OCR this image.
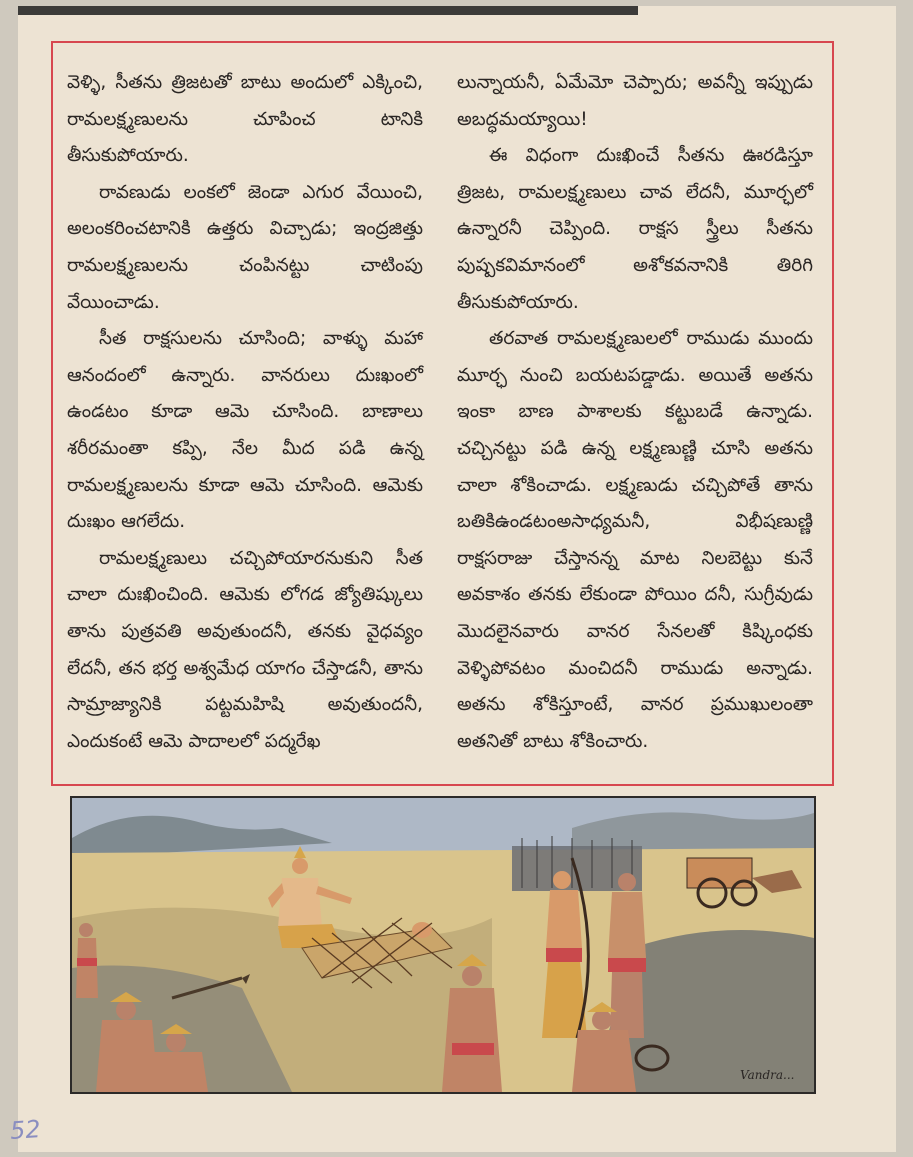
వెళ్ళి, సీతను త్రిజటతో బాటు అందులో ఎక్కించి, రామలక్ష్మణులను చూపించ టానికి తీసుకుపోయారు.

రావణుడు లంకలో జెండా ఎగుర వేయించి, అలంకరించటానికి ఉత్తరు విచ్చాడు; ఇంద్రజిత్తు రామలక్ష్మణులను చంపినట్టు చాటింపు వేయించాడు.

సీత రాక్షసులను చూసింది; వాళ్ళు మహా ఆనందంలో ఉన్నారు. వానరులు దుఃఖంలో ఉండటం కూడా ఆమె చూసింది. బాణాలు శరీరమంతా కప్పి, నేల మీద పడి ఉన్న రామలక్ష్మణులను కూడా ఆమె చూసింది. ఆమెకు దుఃఖం ఆగలేదు.

రామలక్ష్మణులు చచ్చిపోయారనుకుని సీత చాలా దుఃఖించింది. ఆమెకు లోగడ జ్యోతిష్కులు తాను పుత్రవతి అవుతుందనీ, తనకు వైధవ్యం లేదనీ, తన భర్త అశ్వమేధ యాగం చేస్తాడనీ, తాను సామ్రాజ్యానికి పట్టమహిషి అవుతుందనీ, ఎందుకంటే ఆమె పాదాలలో పద్మరేఖ

లున్నాయనీ, ఏమేమో చెప్పారు; అవన్నీ ఇప్పుడు అబద్ధమయ్యాయి!

ఈ విధంగా దుఃఖించే సీతను ఊరడిస్తూ త్రిజట, రామలక్ష్మణులు చావ లేదనీ, మూర్ఛలో ఉన్నారనీ చెప్పింది. రాక్షస స్త్రీలు సీతను పుష్పకవిమానంలో అశోకవనానికి తిరిగి తీసుకుపోయారు.

తరవాత రామలక్ష్మణులలో రాముడు ముందు మూర్ఛ నుంచి బయటపడ్డాడు. అయితే అతను ఇంకా బాణ పాశాలకు కట్టుబడే ఉన్నాడు. చచ్చినట్టు పడి ఉన్న లక్ష్మణుణ్ణి చూసి అతను చాలా శోకించాడు. లక్ష్మణుడు చచ్చిపోతే తాను బతికిఉండటంఅసాధ్యమనీ, విభీషణుణ్ణి రాక్షసరాజు చేస్తానన్న మాట నిలబెట్టు కునే అవకాశం తనకు లేకుండా పోయిం దనీ, సుగ్రీవుడు మొదలైనవారు వానర సేనలతో కిష్కింధకు వెళ్ళిపోవటం మంచిదనీ రాముడు అన్నాడు. అతను శోకిస్తూంటే, వానర ప్రముఖులంతా అతనితో బాటు శోకించారు.

Vandra...
52
